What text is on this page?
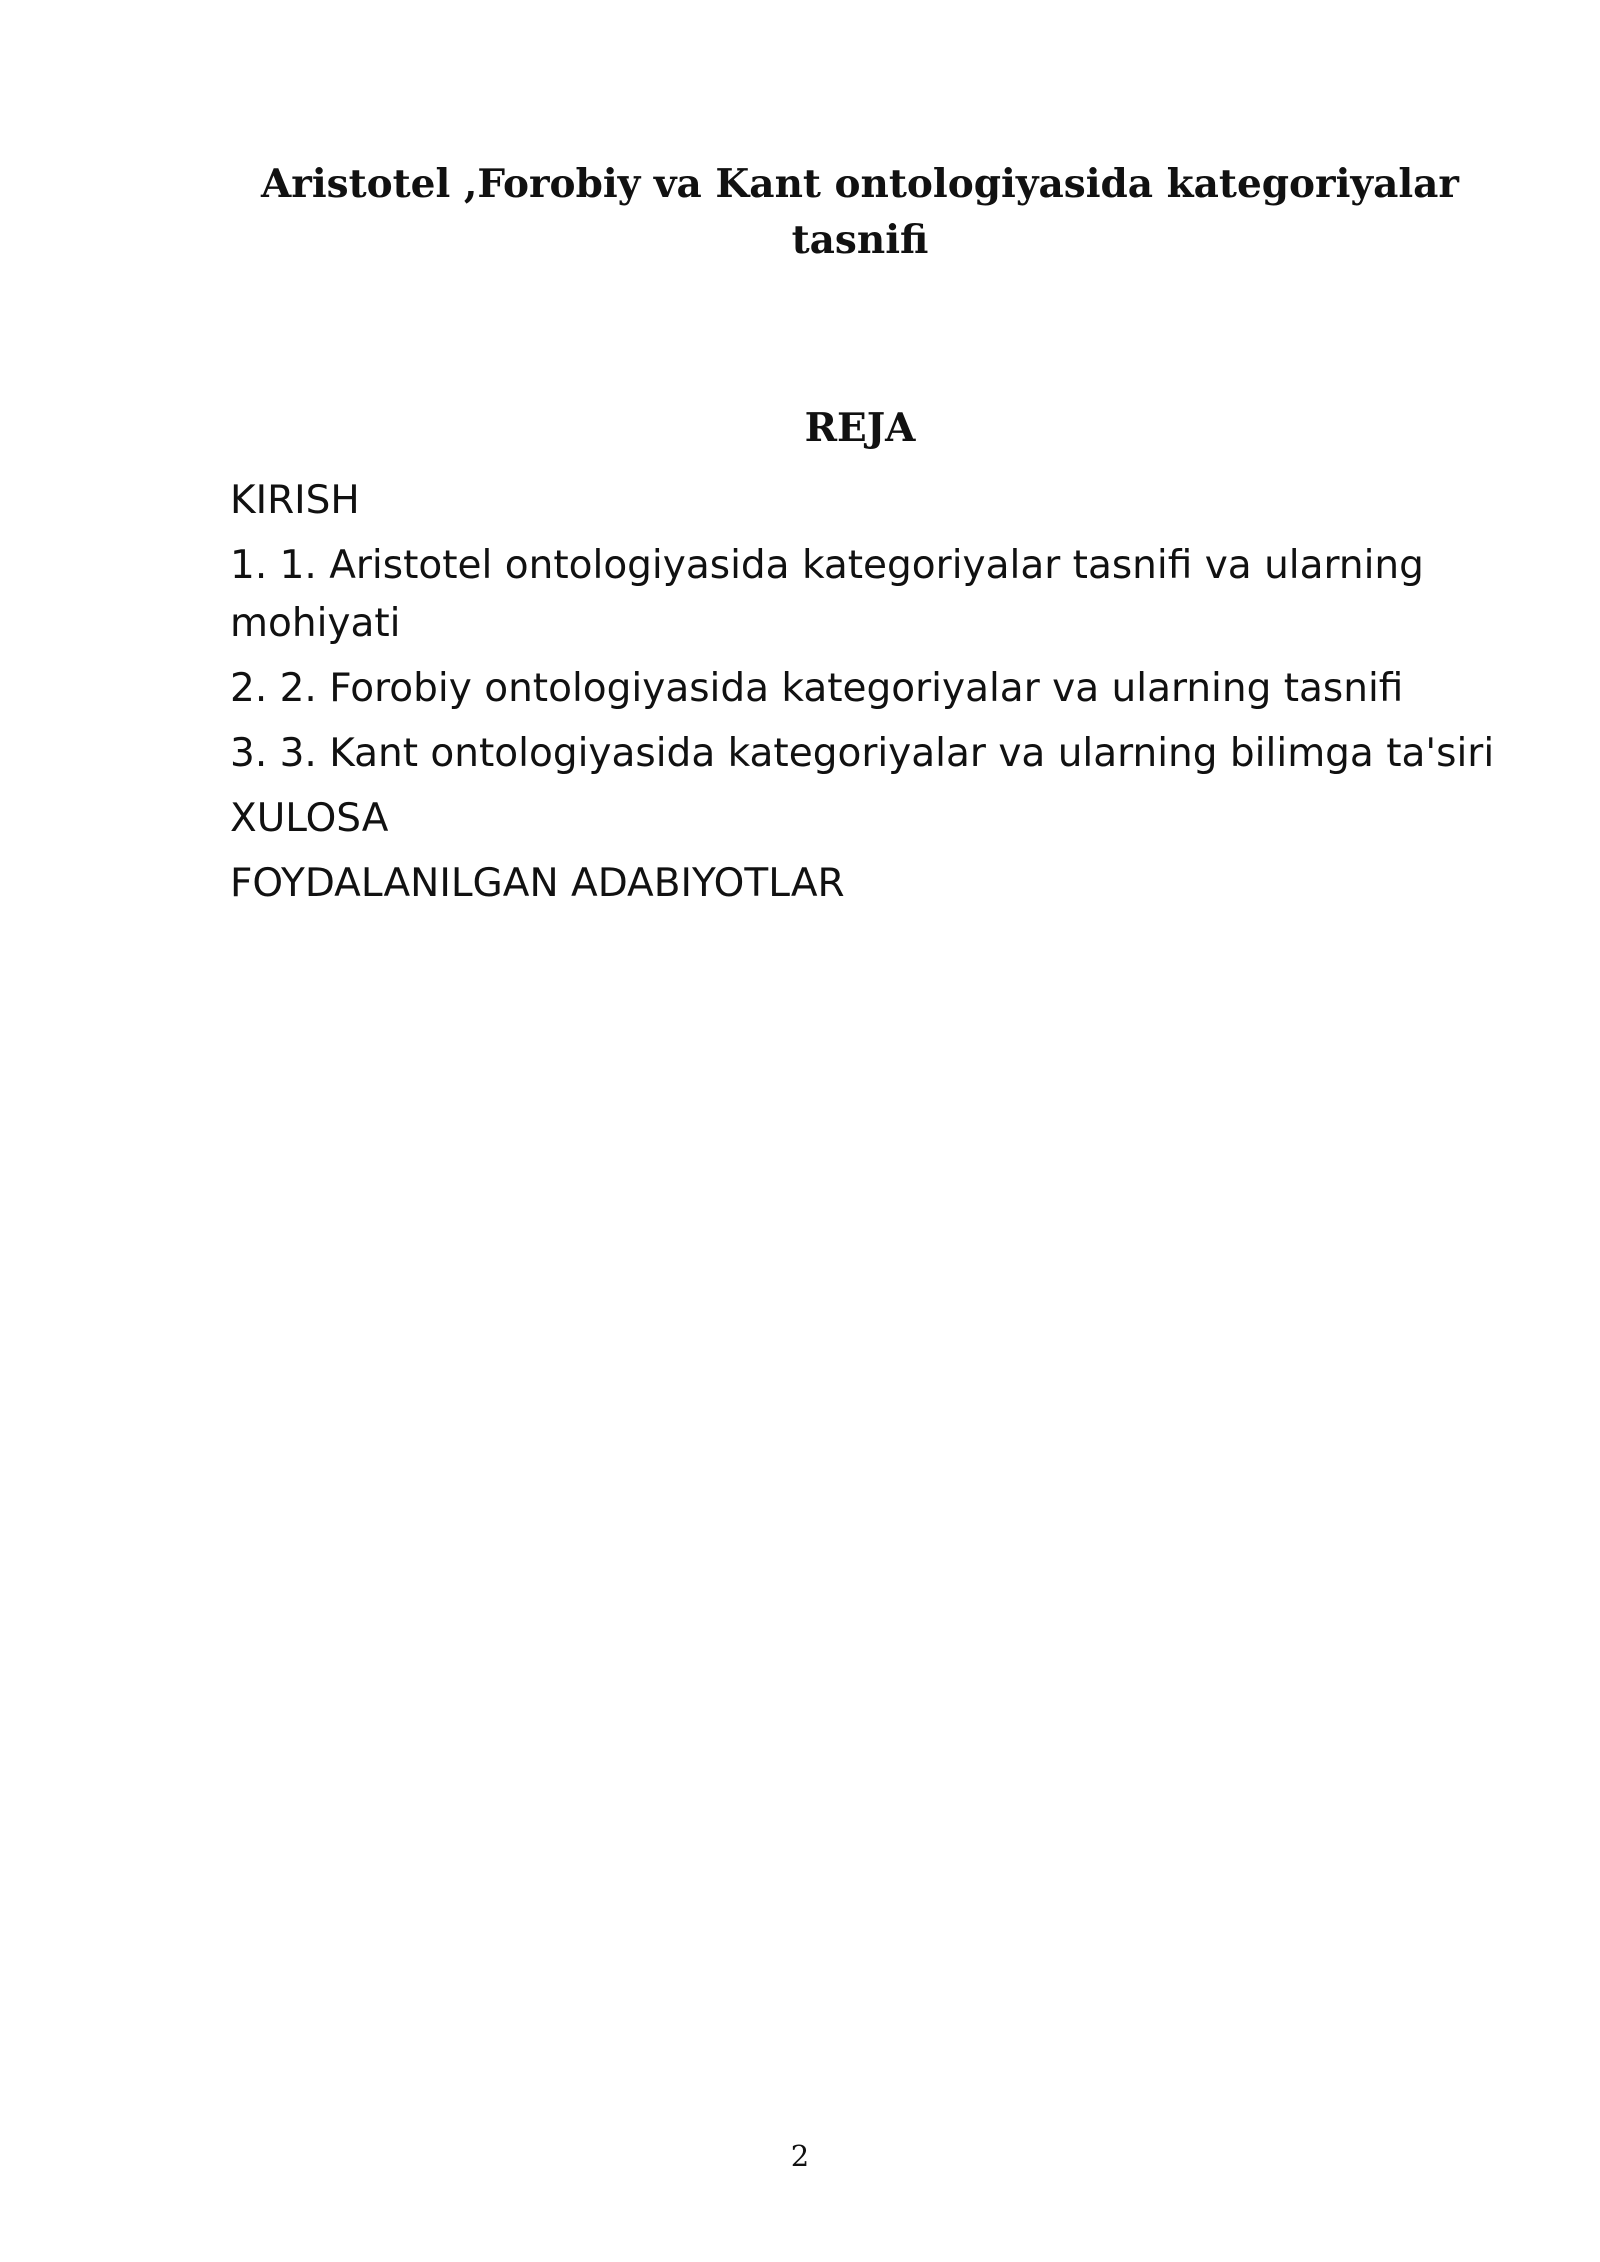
Aristotel ,Forobiy va Kant ontologiyasida kategoriyalar tasnifi
REJA
KIRISH
1. 1. Aristotel ontologiyasida kategoriyalar tasnifi va ularning mohiyati
2. 2. Forobiy ontologiyasida kategoriyalar va ularning tasnifi
3. 3. Kant ontologiyasida kategoriyalar va ularning bilimga ta'siri
XULOSA
FOYDALANILGAN ADABIYOTLAR
2
